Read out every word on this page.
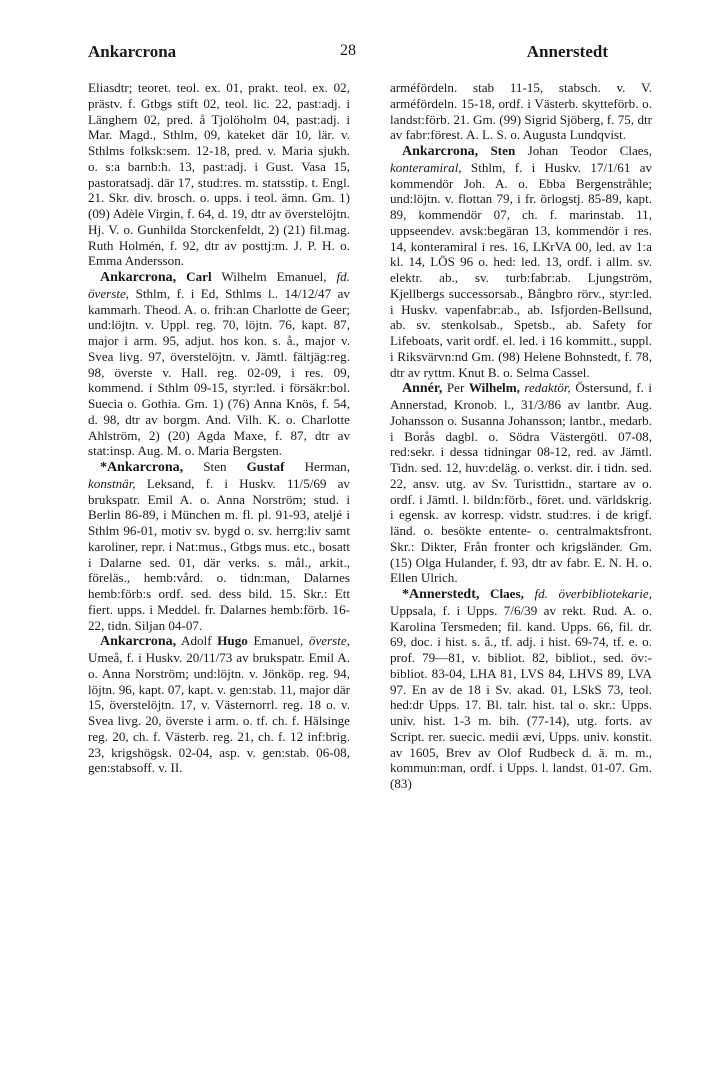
Ankarcrona	28	Annerstedt

Eliasdtr; teoret. teol. ex. 01, prakt. teol. ex. 02, prästv. f. Gtbgs stift 02, teol. lic. 22, past:adj. i Länghem 02, pred. å Tjolöholm 04, past:adj. i Mar. Magd., Sthlm, 09, kateket där 10, lär. v. Sthlms folksk:sem. 12-18, pred. v. Maria sjukh. o. s:a barnb:h. 13, past:adj. i Gust. Vasa 15, pastoratsadj. där 17, stud:res. m. statsstip. t. Engl. 21. Skr. div. brosch. o. upps. i teol. ämn. Gm. 1) (09) Adèle Virgin, f. 64, d. 19, dtr av överstelöjtn. Hj. V. o. Gunhilda Storckenfeldt, 2) (21) fil.mag. Ruth Holmén, f. 92, dtr av posttj:m. J. P. H. o. Emma Andersson.

Ankarcrona, Carl Wilhelm Emanuel, fd. överste, Sthlm, f. i Ed, Sthlms l.. 14/12/47 av kammarh. Theod. A. o. frih:an Charlotte de Geer; und:löjtn. v. Uppl. reg. 70, löjtn. 76, kapt. 87, major i arm. 95, adjut. hos kon. s. å., major v. Svea livg. 97, överstelöjtn. v. Jämtl. fältjäg:reg. 98, överste v. Hall. reg. 02-09, i res. 09, kommend. i Sthlm 09-15, styr:led. i försäkr:bol. Suecia o. Gothia. Gm. 1) (76) Anna Knös, f. 54, d. 98, dtr av borgm. And. Vilh. K. o. Charlotte Ahlström, 2) (20) Agda Maxe, f. 87, dtr av stat:insp. Aug. M. o. Maria Bergsten.

*Ankarcrona, Sten Gustaf Herman, konstnär, Leksand, f. i Huskv. 11/5/69 av brukspatr. Emil A. o. Anna Norström; stud. i Berlin 86-89, i München m. fl. pl. 91-93, ateljé i Sthlm 96-01, motiv sv. bygd o. sv. herrg:liv samt karoliner, repr. i Nat:mus., Gtbgs mus. etc., bosatt i Dalarne sed. 01, där verks. s. mål., arkit., föreläs., hemb:vård. o. tidn:man, Dalarnes hemb:förb:s ordf. sed. dess bild. 15. Skr.: Ett fiert. upps. i Meddel. fr. Dalarnes hemb:förb. 16-22, tidn. Siljan 04-07.

Ankarcrona, Adolf Hugo Emanuel, överste, Umeå, f. i Huskv. 20/11/73 av brukspatr. Emil A. o. Anna Norström; und:löjtn. v. Jönköp. reg. 94, löjtn. 96, kapt. 07, kapt. v. gen:stab. 11, major där 15, överstelöjtn. 17, v. Västernorrl. reg. 18 o. v. Svea livg. 20, överste i arm. o. tf. ch. f. Hälsinge reg. 20, ch. f. Västerb. reg. 21, ch. f. 12 inf:brig. 23, krigshögsk. 02-04, asp. v. gen:stab. 06-08, gen:stabsoff. v. II.

arméfördeln. stab 11-15, stabsch. v. V. arméfördeln. 15-18, ordf. i Västerb. skytteförb. o. landst:förb. 21. Gm. (99) Sigrid Sjöberg, f. 75, dtr av fabr:förest. A. L. S. o. Augusta Lundqvist.

Ankarcrona, Sten Johan Teodor Claes, konteramiral, Sthlm, f. i Huskv. 17/1/61 av kommendör Joh. A. o. Ebba Bergenstråhle; und:löjtn. v. flottan 79, i fr. örlogstj. 85-89, kapt. 89, kommendör 07, ch. f. marinstab. 11, uppseendev. avsk:begäran 13, kommendör i res. 14, konteramiral i res. 16, LKrVA 00, led. av 1:a kl. 14, LÖS 96 o. hed: led. 13, ordf. i allm. sv. elektr. ab., sv. turb:fabr:ab. Ljungström, Kjellbergs successorsab., Bångbro rörv., styr:led. i Huskv. vapenfabr:ab., ab. Isfjorden-Bellsund, ab. sv. stenkolsab., Spetsb., ab. Safety for Lifeboats, varit ordf. el. led. i 16 kommitt., suppl. i Riksvärvn:nd Gm. (98) Helene Bohnstedt, f. 78, dtr av ryttm. Knut B. o. Selma Cassel.

Annér, Per Wilhelm, redaktör, Östersund, f. i Annerstad, Kronob. l., 31/3/86 av lantbr. Aug. Johansson o. Susanna Johansson; lantbr., medarb. i Borås dagbl. o. Södra Västergötl. 07-08, red:sekr. i dessa tidningar 08-12, red. av Jämtl. Tidn. sed. 12, huv:deläg. o. verkst. dir. i tidn. sed. 22, ansv. utg. av Sv. Turisttidn., startare av o. ordf. i Jämtl. l. bildn:förb., föret. und. världskrig. i egensk. av korresp. vidstr. stud:res. i de krigf. länd. o. besökte entente- o. centralmaktsfront. Skr.: Dikter, Från fronter och krigsländer. Gm. (15) Olga Hulander, f. 93, dtr av fabr. E. N. H. o. Ellen Ulrich.

*Annerstedt, Claes, fd. överbibliotekarie, Uppsala, f. i Upps. 7/6/39 av rekt. Rud. A. o. Karolina Tersmeden; fil. kand. Upps. 66, fil. dr. 69, doc. i hist. s. å., tf. adj. i hist. 69-74, tf. e. o. prof. 79—81, v. bibliot. 82, bibliot., sed. öv:-bibliot. 83-04, LHA 81, LVS 84, LHVS 89, LVA 97. En av de 18 i Sv. akad. 01, LSkS 73, teol. hed:dr Upps. 17. Bl. talr. hist. tal o. skr.: Upps. univ. hist. 1-3 m. bih. (77-14), utg. forts. av Script. rer. suecic. medii ævi, Upps. univ. konstit. av 1605, Brev av Olof Rudbeck d. ä. m. m., kommun:man, ordf. i Upps. l. landst. 01-07. Gm. (83)
